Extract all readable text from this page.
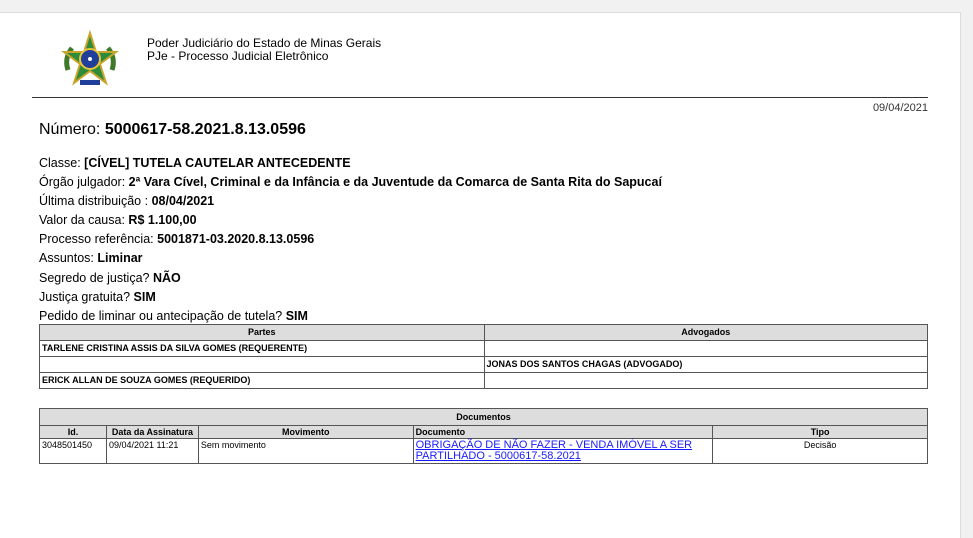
Poder Judiciário do Estado de Minas Gerais
PJe - Processo Judicial Eletrônico
09/04/2021
Número: 5000617-58.2021.8.13.0596
Classe: [CÍVEL] TUTELA CAUTELAR ANTECEDENTE
Órgão julgador: 2ª Vara Cível, Criminal e da Infância e da Juventude da Comarca de Santa Rita do Sapucaí
Última distribuição : 08/04/2021
Valor da causa: R$ 1.100,00
Processo referência: 5001871-03.2020.8.13.0596
Assuntos: Liminar
Segredo de justiça? NÃO
Justiça gratuita? SIM
Pedido de liminar ou antecipação de tutela? SIM
Partes	Advogados
TARLENE CRISTINA ASSIS DA SILVA GOMES (REQUERENTE)	
	JONAS DOS SANTOS CHAGAS (ADVOGADO)
ERICK ALLAN DE SOUZA GOMES (REQUERIDO)	
Documentos				
Id.	Data da Assinatura	Movimento	Documento	Tipo
3048501450	09/04/2021 11:21	Sem movimento	OBRIGAÇÃO DE NÃO FAZER - VENDA IMÓVEL A SER PARTILHADO - 5000617-58.2021	Decisão
